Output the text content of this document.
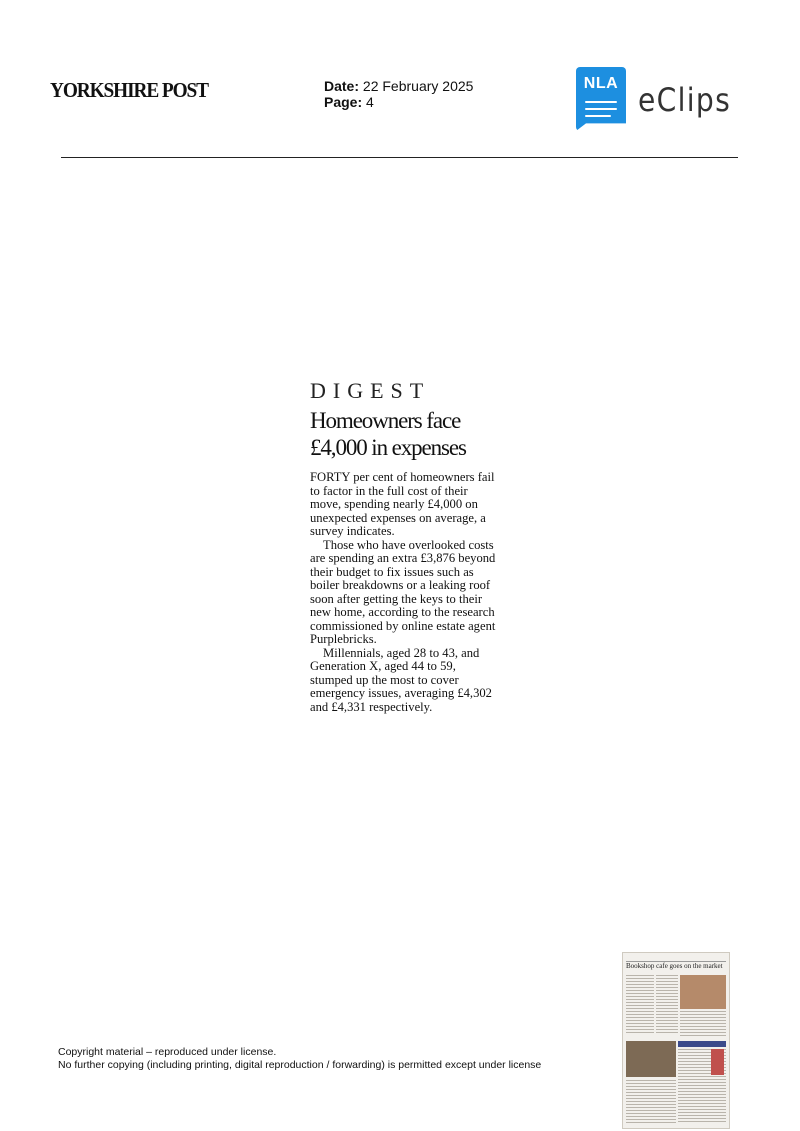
YORKSHIRE POST	Date: 22 February 2025
Page: 4
NLA eClips
DIGEST
Homeowners face
£4,000 in expenses

FORTY per cent of homeowners fail to factor in the full cost of their move, spending nearly £4,000 on unexpected expenses on average, a survey indicates.

Those who have overlooked costs are spending an extra £3,876 beyond their budget to fix issues such as boiler breakdowns or a leaking roof soon after getting the keys to their new home, according to the research commissioned by online estate agent Purplebricks.

Millennials, aged 28 to 43, and Generation X, aged 44 to 59, stumped up the most to cover emergency issues, averaging £4,302 and £4,331 respectively.

Copyright material – reproduced under license.
No further copying (including printing, digital reproduction / forwarding) is permitted except under license
Bookshop cafe goes on the market
